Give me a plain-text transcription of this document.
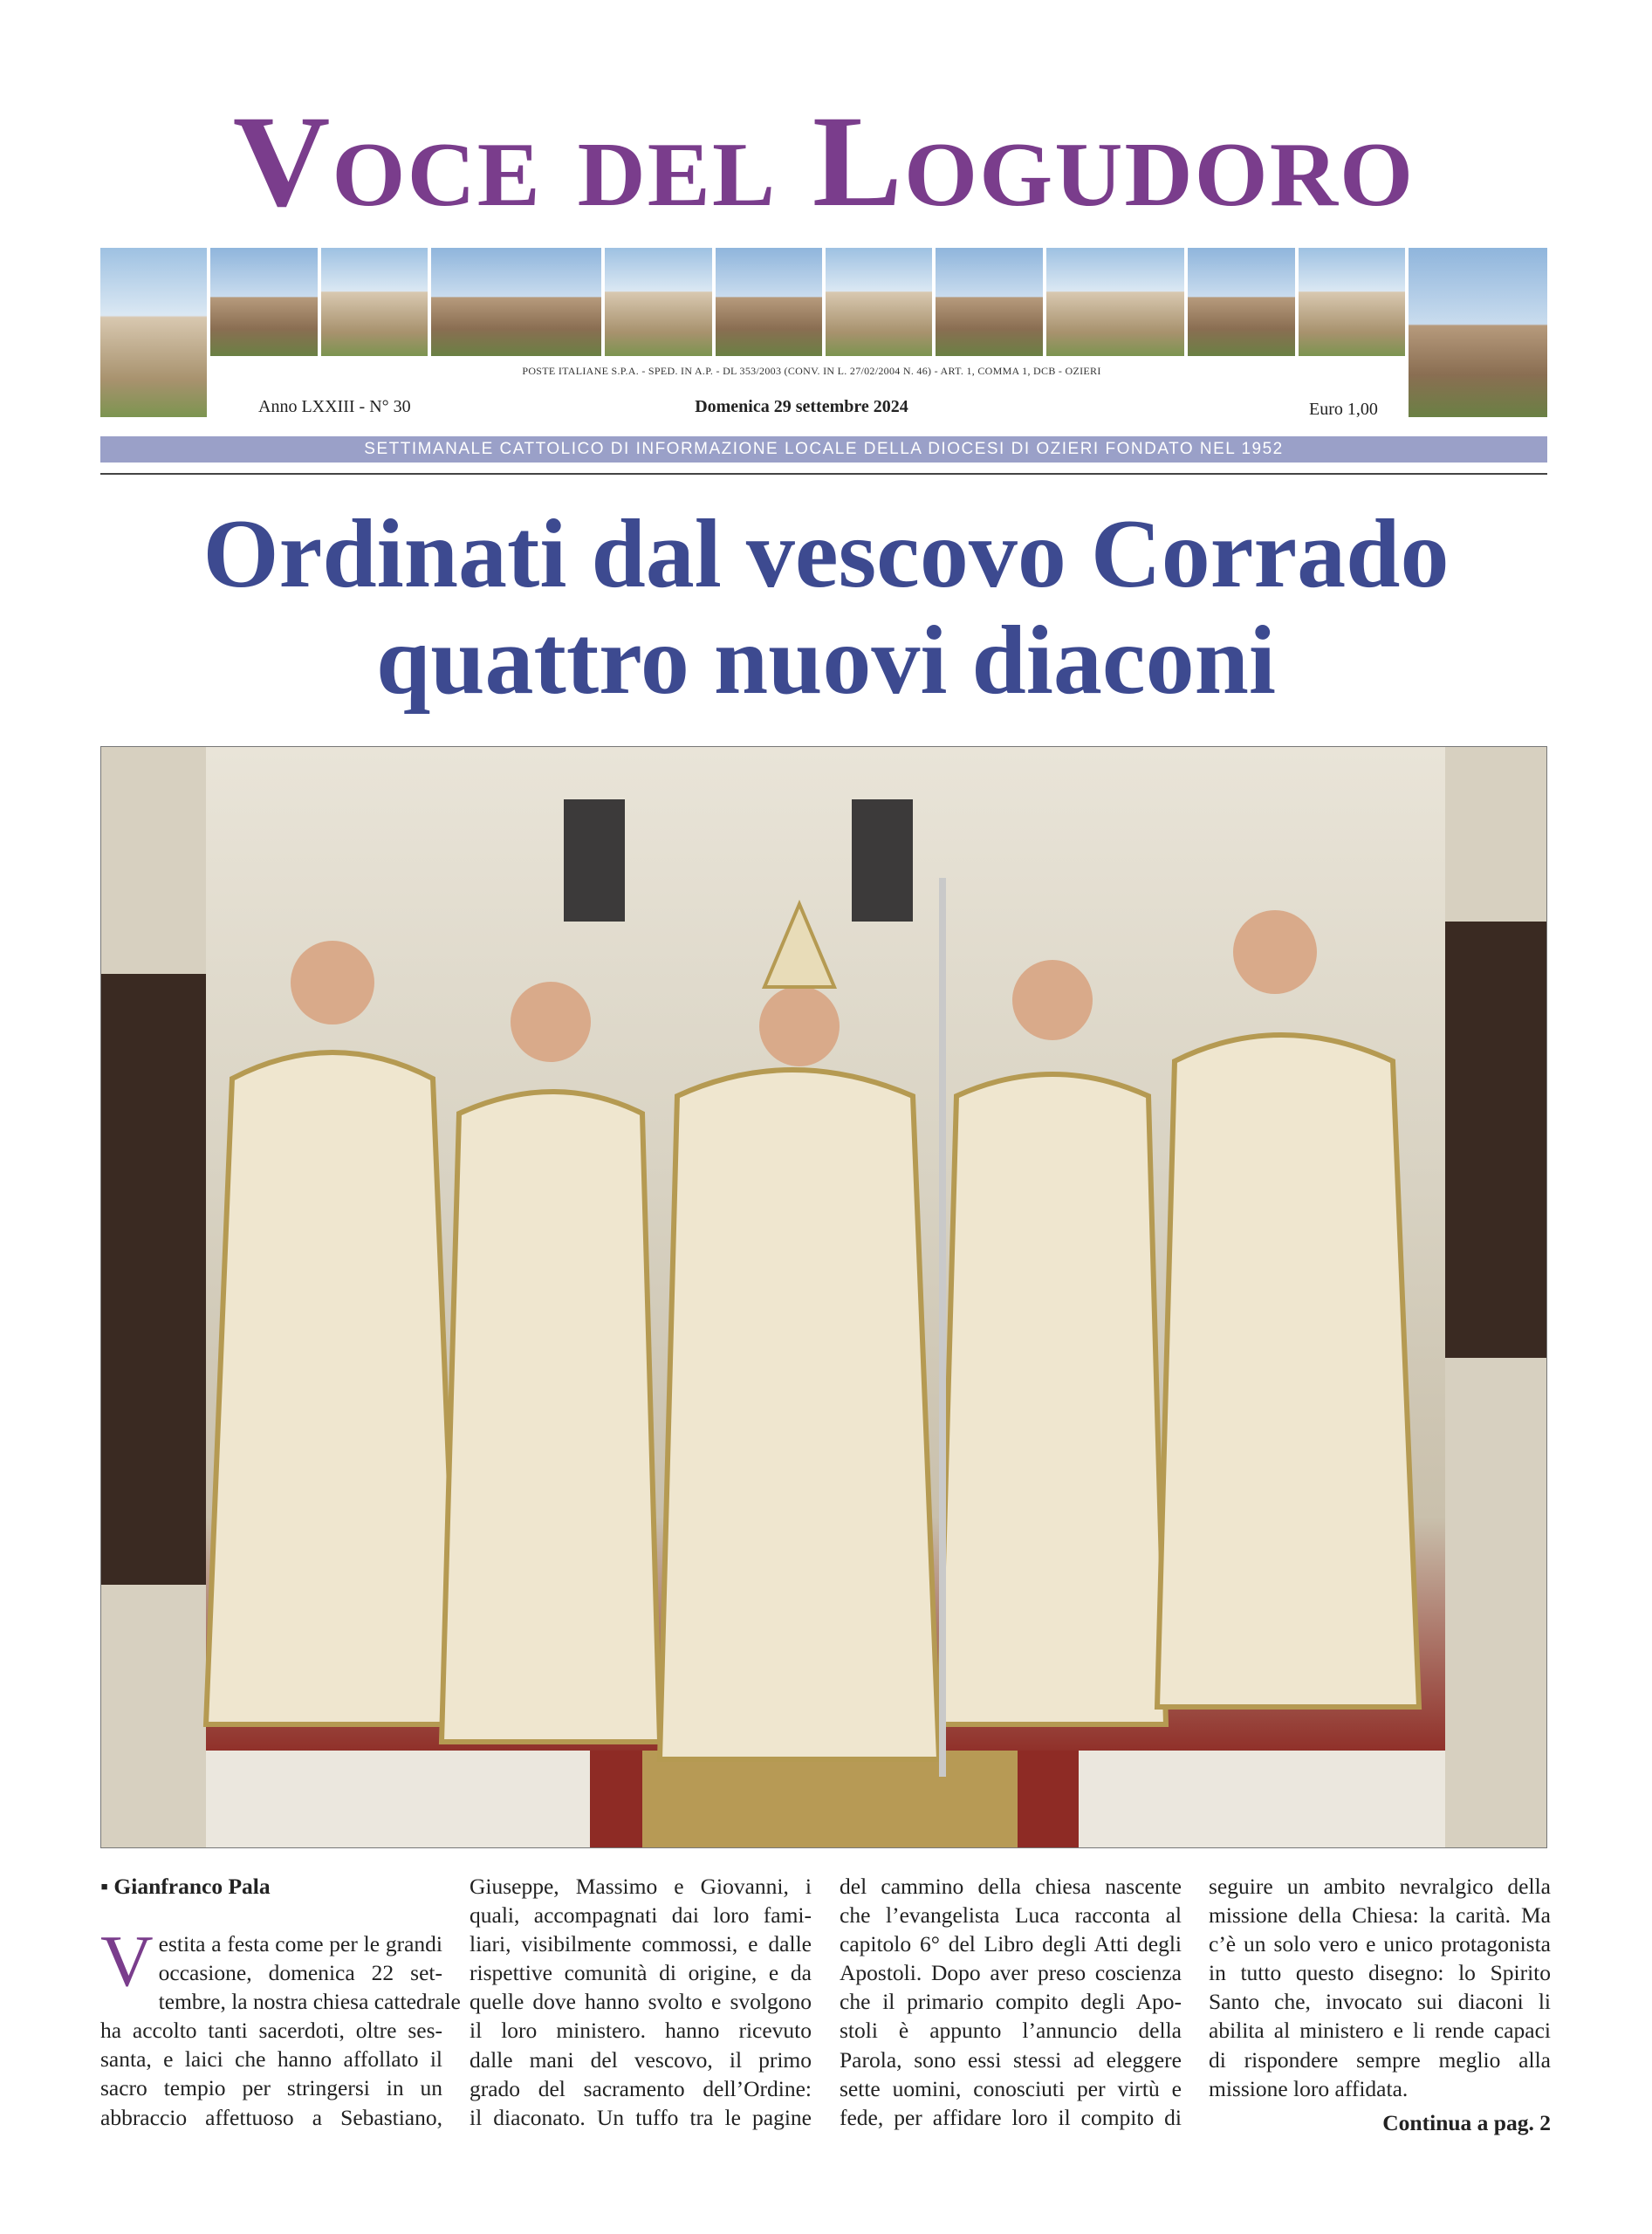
Voce del Logudoro
POSTE ITALIANE S.P.A. - SPED. IN A.P. - DL 353/2003 (CONV. IN L. 27/02/2004 N. 46) - ART. 1, COMMA 1, DCB - OZIERI
Anno LXXIII - N° 30	Domenica 29 settembre 2024	Euro 1,00
SETTIMANALE CATTOLICO DI INFORMAZIONE LOCALE DELLA DIOCESI DI OZIERI FONDATO NEL 1952
Ordinati dal vescovo Corrado
quattro nuovi diaconi
▪ Gianfranco Pala
V estita a festa come per le grandi
occasione, domenica 22 set-
tembre, la nostra chiesa cattedrale
ha accolto tanti sacerdoti, oltre ses-
santa, e laici che hanno affollato il
sacro tempio per stringersi in un
abbraccio affettuoso a Sebastiano,
Giuseppe, Massimo e Giovanni, i
quali, accompagnati dai loro fami-
liari, visibilmente commossi, e dalle
rispettive comunità di origine, e da
quelle dove hanno svolto e svolgono
il loro ministero. hanno ricevuto
dalle mani del vescovo, il primo
grado del sacramento dell’Ordine:
il diaconato. Un tuffo tra le pagine
del cammino della chiesa nascente
che l’evangelista Luca racconta al
capitolo 6° del Libro degli Atti degli
Apostoli. Dopo aver preso coscienza
che il primario compito degli Apo-
stoli è appunto l’annuncio della
Parola, sono essi stessi ad eleggere
sette uomini, conosciuti per virtù e
fede, per affidare loro il compito di
seguire un ambito nevralgico della
missione della Chiesa: la carità. Ma
c’è un solo vero e unico protagonista
in tutto questo disegno: lo Spirito
Santo che, invocato sui diaconi li
abilita al ministero e li rende capaci
di rispondere sempre meglio alla
missione loro affidata.
Continua a pag. 2
